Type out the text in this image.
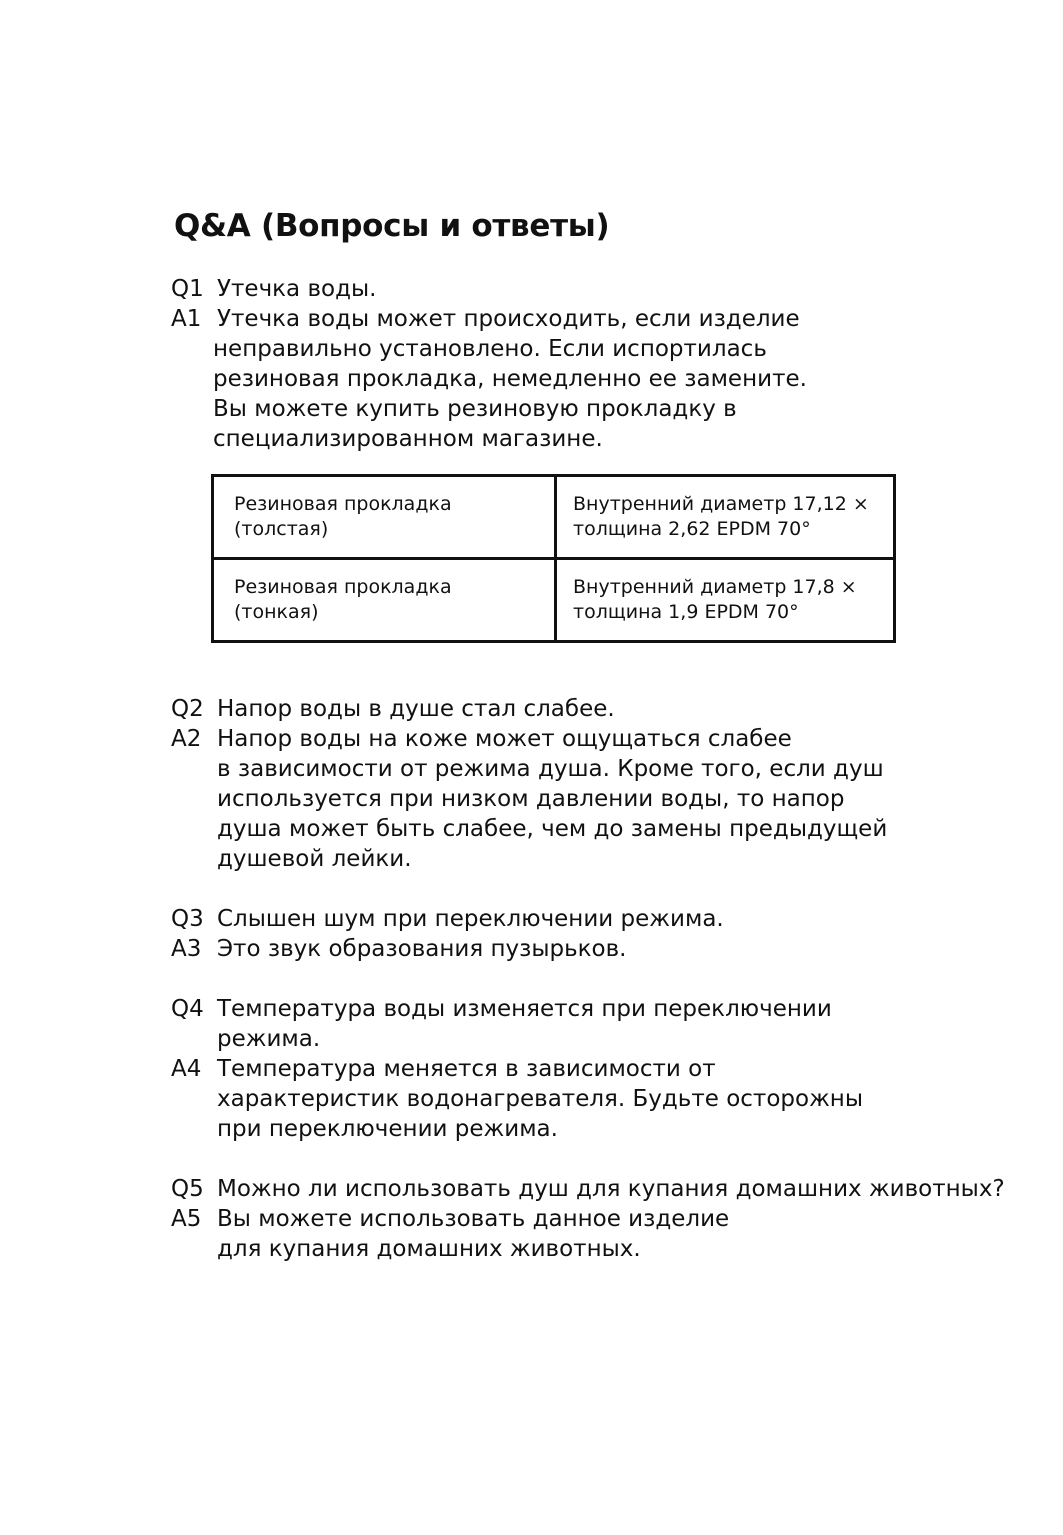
Q&A (Вопросы и ответы)
Q1 Утечка воды.
A1 Утечка воды может происходить, если изделие
неправильно установлено. Если испортилась
резиновая прокладка, немедленно ее замените.
Вы можете купить резиновую прокладку в
специализированном магазине.
Резиновая прокладка
(толстая)	Внутренний диаметр 17,12 ×
толщина 2,62 EPDM 70°

Резиновая прокладка
(тонкая)	Внутренний диаметр 17,8 ×
толщина 1,9 EPDM 70°
Q2 Напор воды в душе стал слабее.
A2 Напор воды на коже может ощущаться слабее
в зависимости от режима душа. Кроме того, если душ
используется при низком давлении воды, то напор
душа может быть слабее, чем до замены предыдущей
душевой лейки.
Q3 Слышен шум при переключении режима.
A3 Это звук образования пузырьков.
Q4 Температура воды изменяется при переключении
режима.
A4 Температура меняется в зависимости от
характеристик водонагревателя. Будьте осторожны
при переключении режима.
Q5 Можно ли использовать душ для купания домашних животных?
A5 Вы можете использовать данное изделие
для купания домашних животных.
